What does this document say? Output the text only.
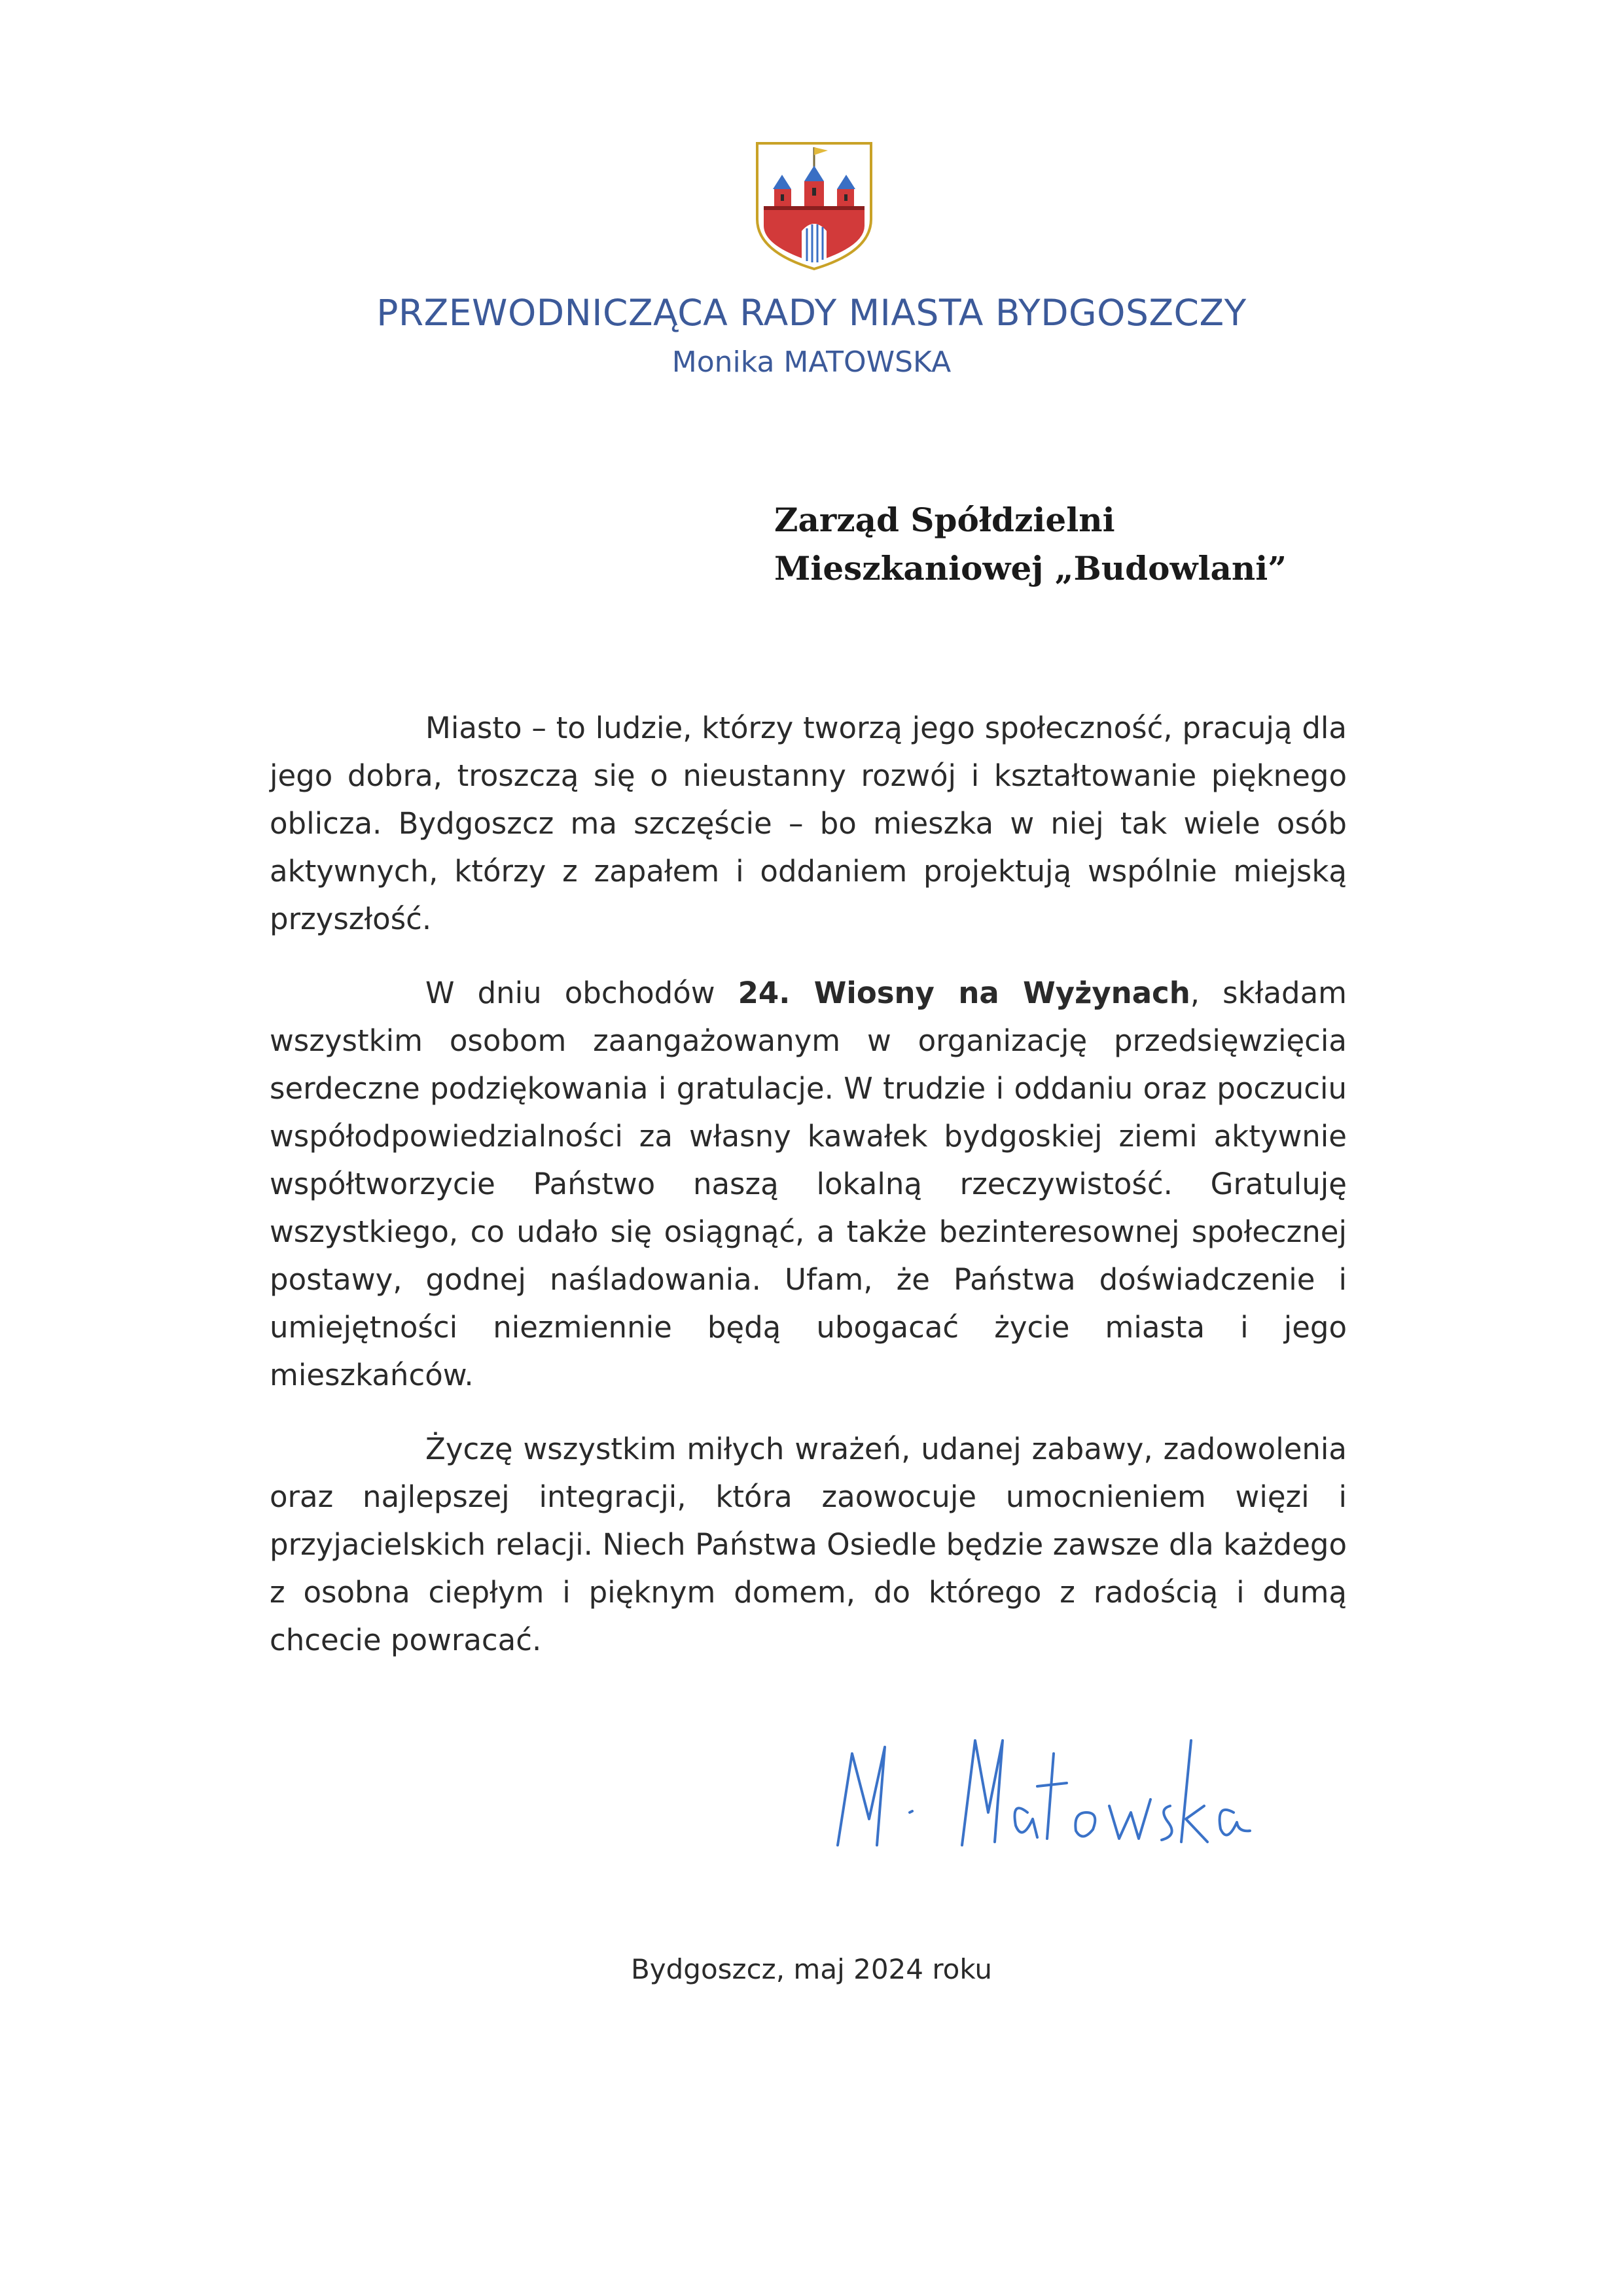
PRZEWODNICZĄCA RADY MIASTA BYDGOSZCZY
Monika MATOWSKA
Zarząd Spółdzielni
Mieszkaniowej „Budowlani”

Miasto – to ludzie, którzy tworzą jego społeczność, pracują dla jego dobra, troszczą się o nieustanny rozwój i kształtowanie pięknego oblicza. Bydgoszcz ma szczęście – bo mieszka w niej tak wiele osób aktywnych, którzy z zapałem i oddaniem projektują wspólnie miejską przyszłość.

W dniu obchodów 24. Wiosny na Wyżynach, składam wszystkim osobom zaangażowanym w organizację przedsięwzięcia serdeczne podziękowania i gratulacje. W trudzie i oddaniu oraz poczuciu współodpowiedzialności za własny kawałek bydgoskiej ziemi aktywnie współtworzycie Państwo naszą lokalną rzeczywistość. Gratuluję wszystkiego, co udało się osiągnąć, a także bezinteresownej społecznej postawy, godnej naśladowania. Ufam, że Państwa doświadczenie i umiejętności niezmiennie będą ubogacać życie miasta i jego mieszkańców.

Życzę wszystkim miłych wrażeń, udanej zabawy, zadowolenia oraz najlepszej integracji, która zaowocuje umocnieniem więzi i przyjacielskich relacji. Niech Państwa Osiedle będzie zawsze dla każdego z osobna ciepłym i pięknym domem, do którego z radością i dumą chcecie powracać.

Bydgoszcz, maj 2024 roku
